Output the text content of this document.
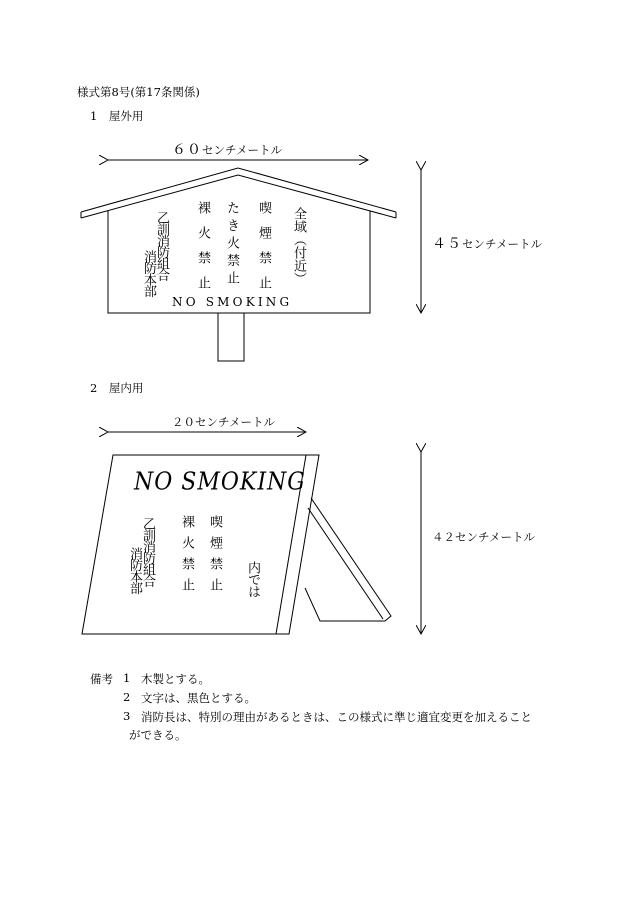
様式第8号(第17条関係)
1　屋外用
６０センチメートル
４５センチメートル
全域（付近）
喫煙禁止
たき火禁止
裸火禁止
乙訓消防組合
消防本部
NO SMOKING
2　屋内用
２０センチメートル
４２センチメートル
NO SMOKING
喫煙禁止
裸火禁止	内では
乙訓消防組合
消防本部
備考 1 木製とする。
2 文字は、黒色とする。
3 消防長は、特別の理由があるときは、この様式に準じ適宜変更を加えること
ができる。
